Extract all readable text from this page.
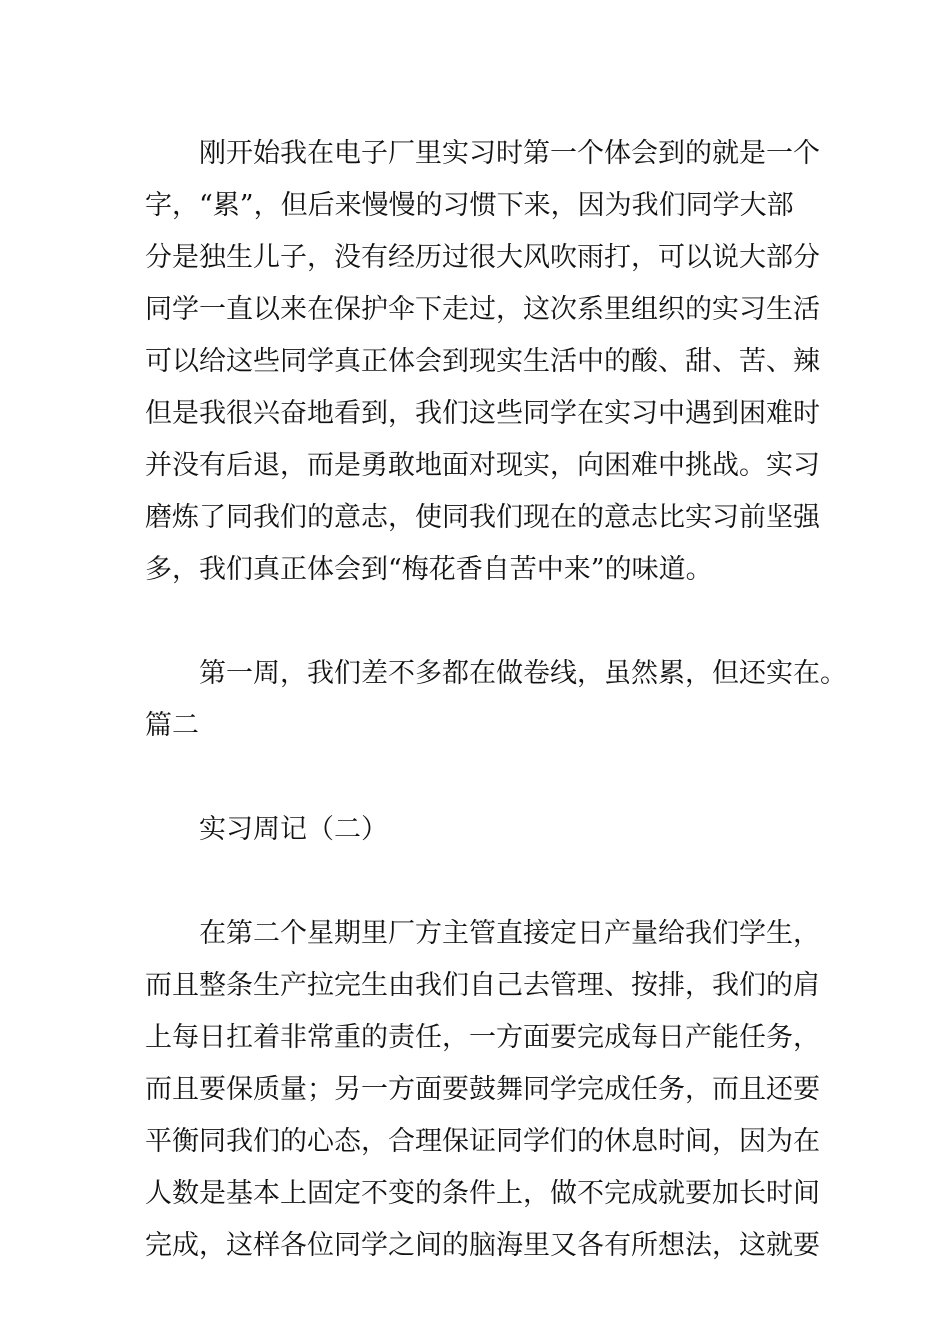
刚开始我在电子厂里实习时第一个体会到的就是一个
字，“累”，但后来慢慢的习惯下来，因为我们同学大部
分是独生儿子，没有经历过很大风吹雨打，可以说大部分
同学一直以来在保护伞下走过，这次系里组织的实习生活
可以给这些同学真正体会到现实生活中的酸、甜、苦、辣
但是我很兴奋地看到，我们这些同学在实习中遇到困难时
并没有后退，而是勇敢地面对现实，向困难中挑战。实习
磨炼了同我们的意志，使同我们现在的意志比实习前坚强
多，我们真正体会到“梅花香自苦中来”的味道。
第一周，我们差不多都在做卷线，虽然累，但还实在。
篇二
实习周记（二）
在第二个星期里厂方主管直接定日产量给我们学生，
而且整条生产拉完生由我们自己去管理、按排，我们的肩
上每日扛着非常重的责任，一方面要完成每日产能任务，
而且要保质量；另一方面要鼓舞同学完成任务，而且还要
平衡同我们的心态，合理保证同学们的休息时间，因为在
人数是基本上固定不变的条件上，做不完成就要加长时间
完成，这样各位同学之间的脑海里又各有所想法，这就要
